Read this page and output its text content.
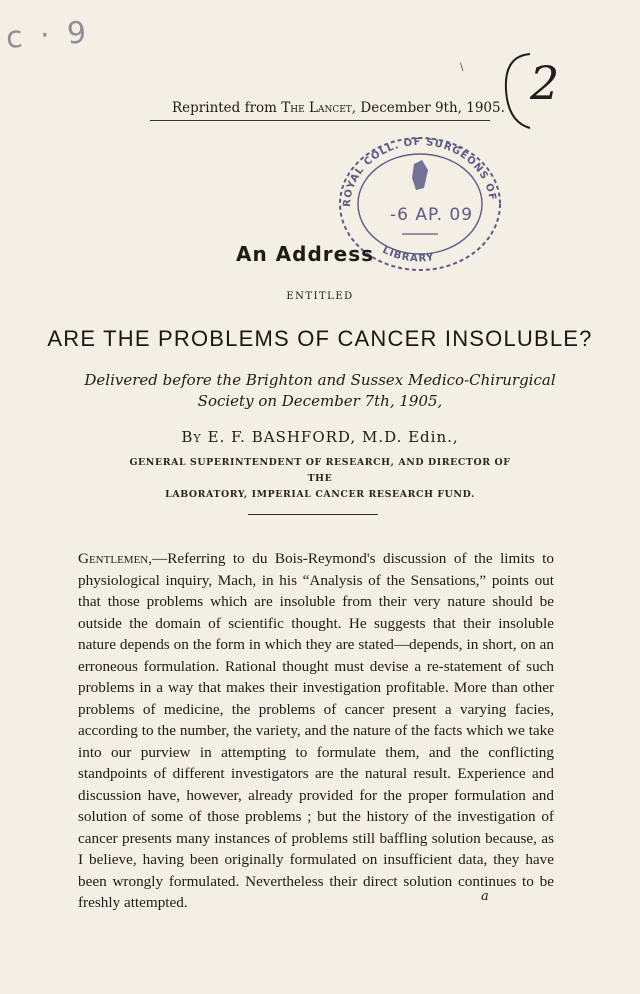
c · 9
2
\
Reprinted from The Lancet, December 9th, 1905.
ROYAL COLL. OF SURGEONS OF
LIBRARY
-6 AP. 09
An Address
ENTITLED
ARE THE PROBLEMS OF CANCER INSOLUBLE?
Delivered before the Brighton and Sussex Medico-Chirurgical
Society on December 7th, 1905,
By E. F. BASHFORD, M.D. Edin.,
GENERAL SUPERINTENDENT OF RESEARCH, AND DIRECTOR OF THE
LABORATORY, IMPERIAL CANCER RESEARCH FUND.
Gentlemen,—Referring to du Bois-Reymond's discussion of the limits to physiological inquiry, Mach, in his “Analysis of the Sensations,” points out that those problems which are insoluble from their very nature should be outside the domain of scientific thought. He suggests that their insoluble nature depends on the form in which they are stated—depends, in short, on an erroneous formulation. Rational thought must devise a re-statement of such problems in a way that makes their investigation profitable. More than other problems of medicine, the problems of cancer present a varying facies, according to the number, the variety, and the nature of the facts which we take into our purview in attempting to formulate them, and the conflicting standpoints of different investigators are the natural result. Experience and discussion have, however, already provided for the proper formulation and solution of some of those problems ; but the history of the investigation of cancer presents many instances of problems still baffling solution because, as I believe, having been originally formulated on insufficient data, they have been wrongly formulated. Nevertheless their direct solution continues to be freshly attempted.	a
